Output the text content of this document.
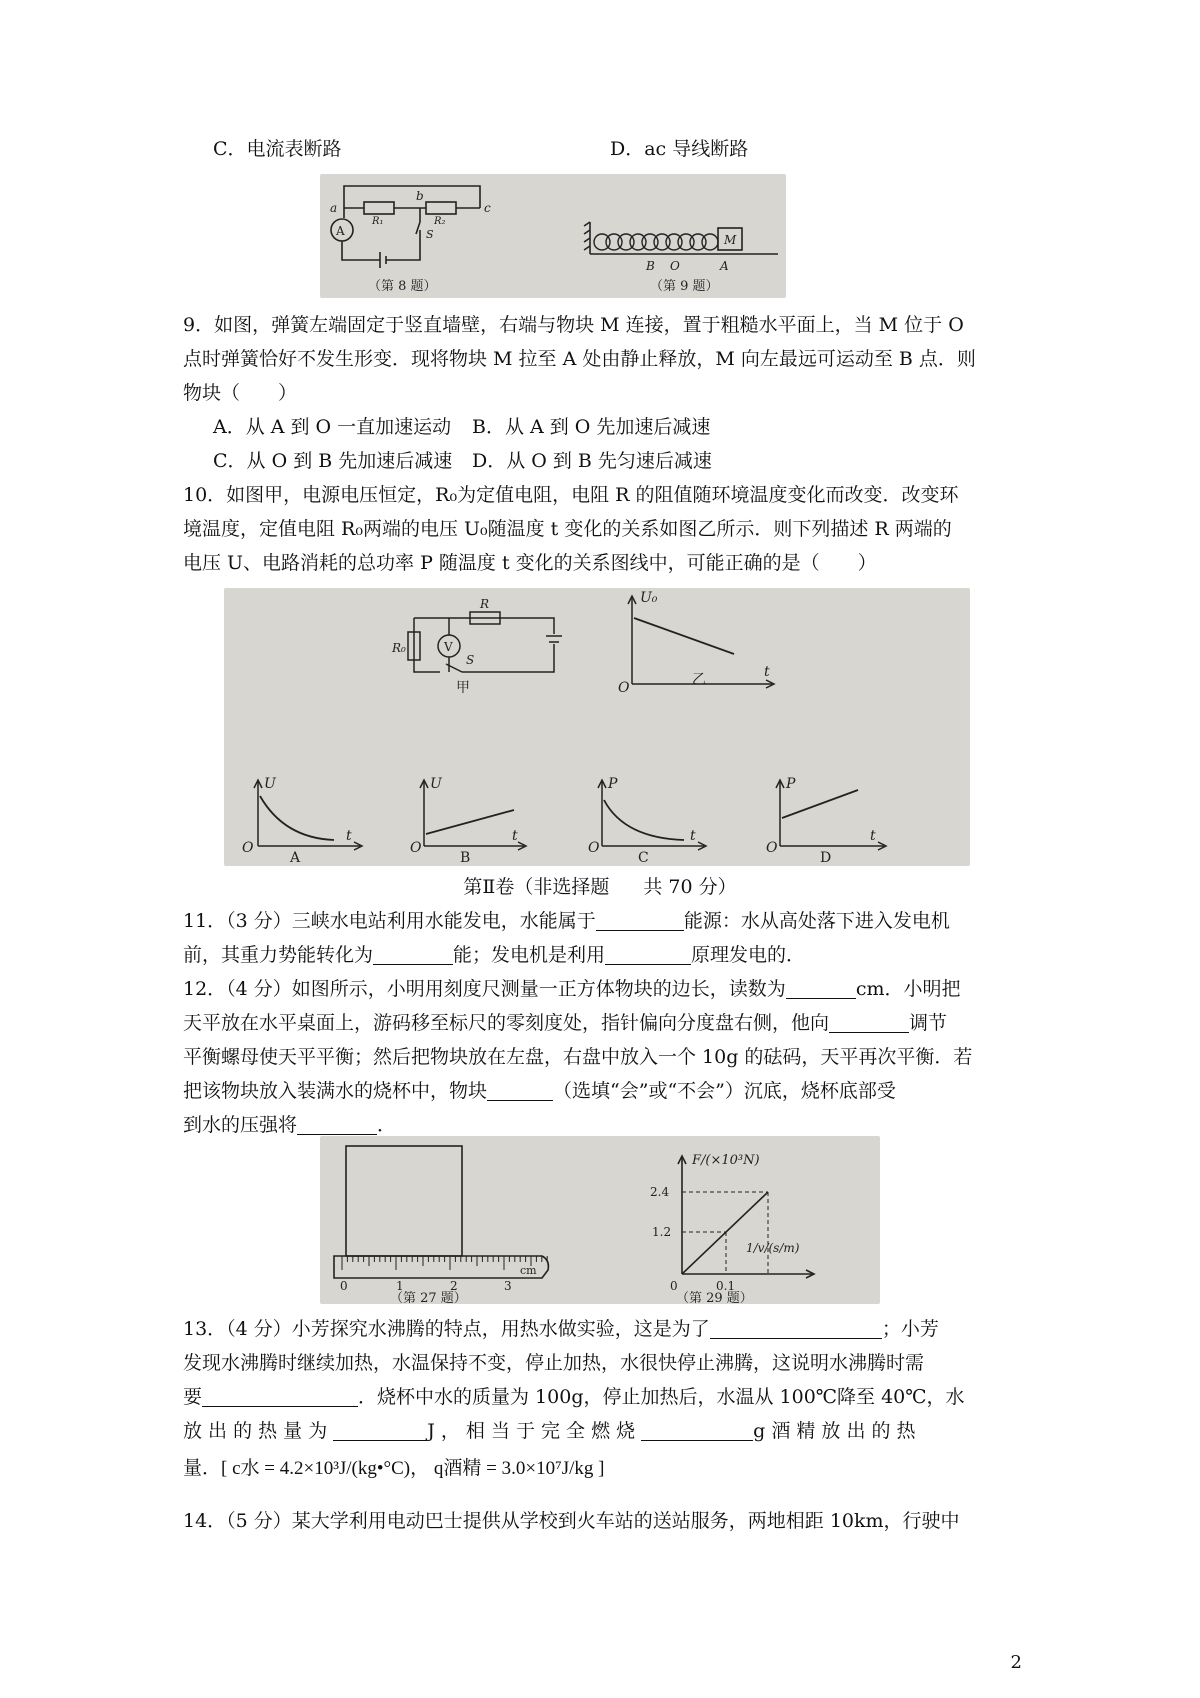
C．电流表断路	D．ac 导线断路
a
b
c
R₁	R₂
A	S	M
B O	A
（第 8 题）	（第 9 题）
9．如图，弹簧左端固定于竖直墙壁，右端与物块 M 连接，置于粗糙水平面上，当 M 位于 O
点时弹簧恰好不发生形变．现将物块 M 拉至 A 处由静止释放，M 向左最远可运动至 B 点．则
物块（　　）
A．从 A 到 O 一直加速运动	B．从 A 到 O 先加速后减速
C．从 O 到 B 先加速后减速	D．从 O 到 B 先匀速后减速
10．如图甲，电源电压恒定，R₀为定值电阻，电阻 R 的阻值随环境温度变化而改变．改变环
境温度，定值电阻 R₀两端的电压 U₀随温度 t 变化的关系如图乙所示．则下列描述 R 两端的
电压 U、电路消耗的总功率 P 随温度 t 变化的关系图线中，可能正确的是（　　）
R₀	V
R
S
甲
U₀
t
O	乙
U
t
O
A
U
t
O
B
P
t
O
C
P
t
O
D
第Ⅱ卷（非选择题 共 70 分）
11．（3 分）三峡水电站利用水能发电，水能属于	能源：水从高处落下进入发电机
前，其重力势能转化为	能；发电机是利用	原理发电的．
12．（4 分）如图所示，小明用刻度尺测量一正方体物块的边长，读数为	cm．小明把
天平放在水平桌面上，游码移至标尺的零刻度处，指针偏向分度盘右侧，他向	调节
平衡螺母使天平平衡；然后把物块放在左盘，右盘中放入一个 10g 的砝码，天平再次平衡．若
把该物块放入装满水的烧杯中，物块	（选填“会”或“不会”）沉底，烧杯底部受
到水的压强将	．
0	1	2	3
cm
F/(×10³N)
1/v/(s/m)
2.4
1.2
0.1
0
（第 27 题）	（第 29 题）
13．（4 分）小芳探究水沸腾的特点，用热水做实验，这是为了	；小芳
发现水沸腾时继续加热，水温保持不变，停止加热，水很快停止沸腾，这说明水沸腾时需
要	．烧杯中水的质量为 100g，停止加热后，水温从 100℃降至 40℃，水
放 出 的 热 量 为	J ， 相 当 于 完 全 燃 烧	g 酒 精 放 出 的 热
量．[ c水 = 4.2×10³J/(kg•°C)， q酒精 = 3.0×10⁷J/kg ]
14．（5 分）某大学利用电动巴士提供从学校到火车站的送站服务，两地相距 10km，行驶中
2
